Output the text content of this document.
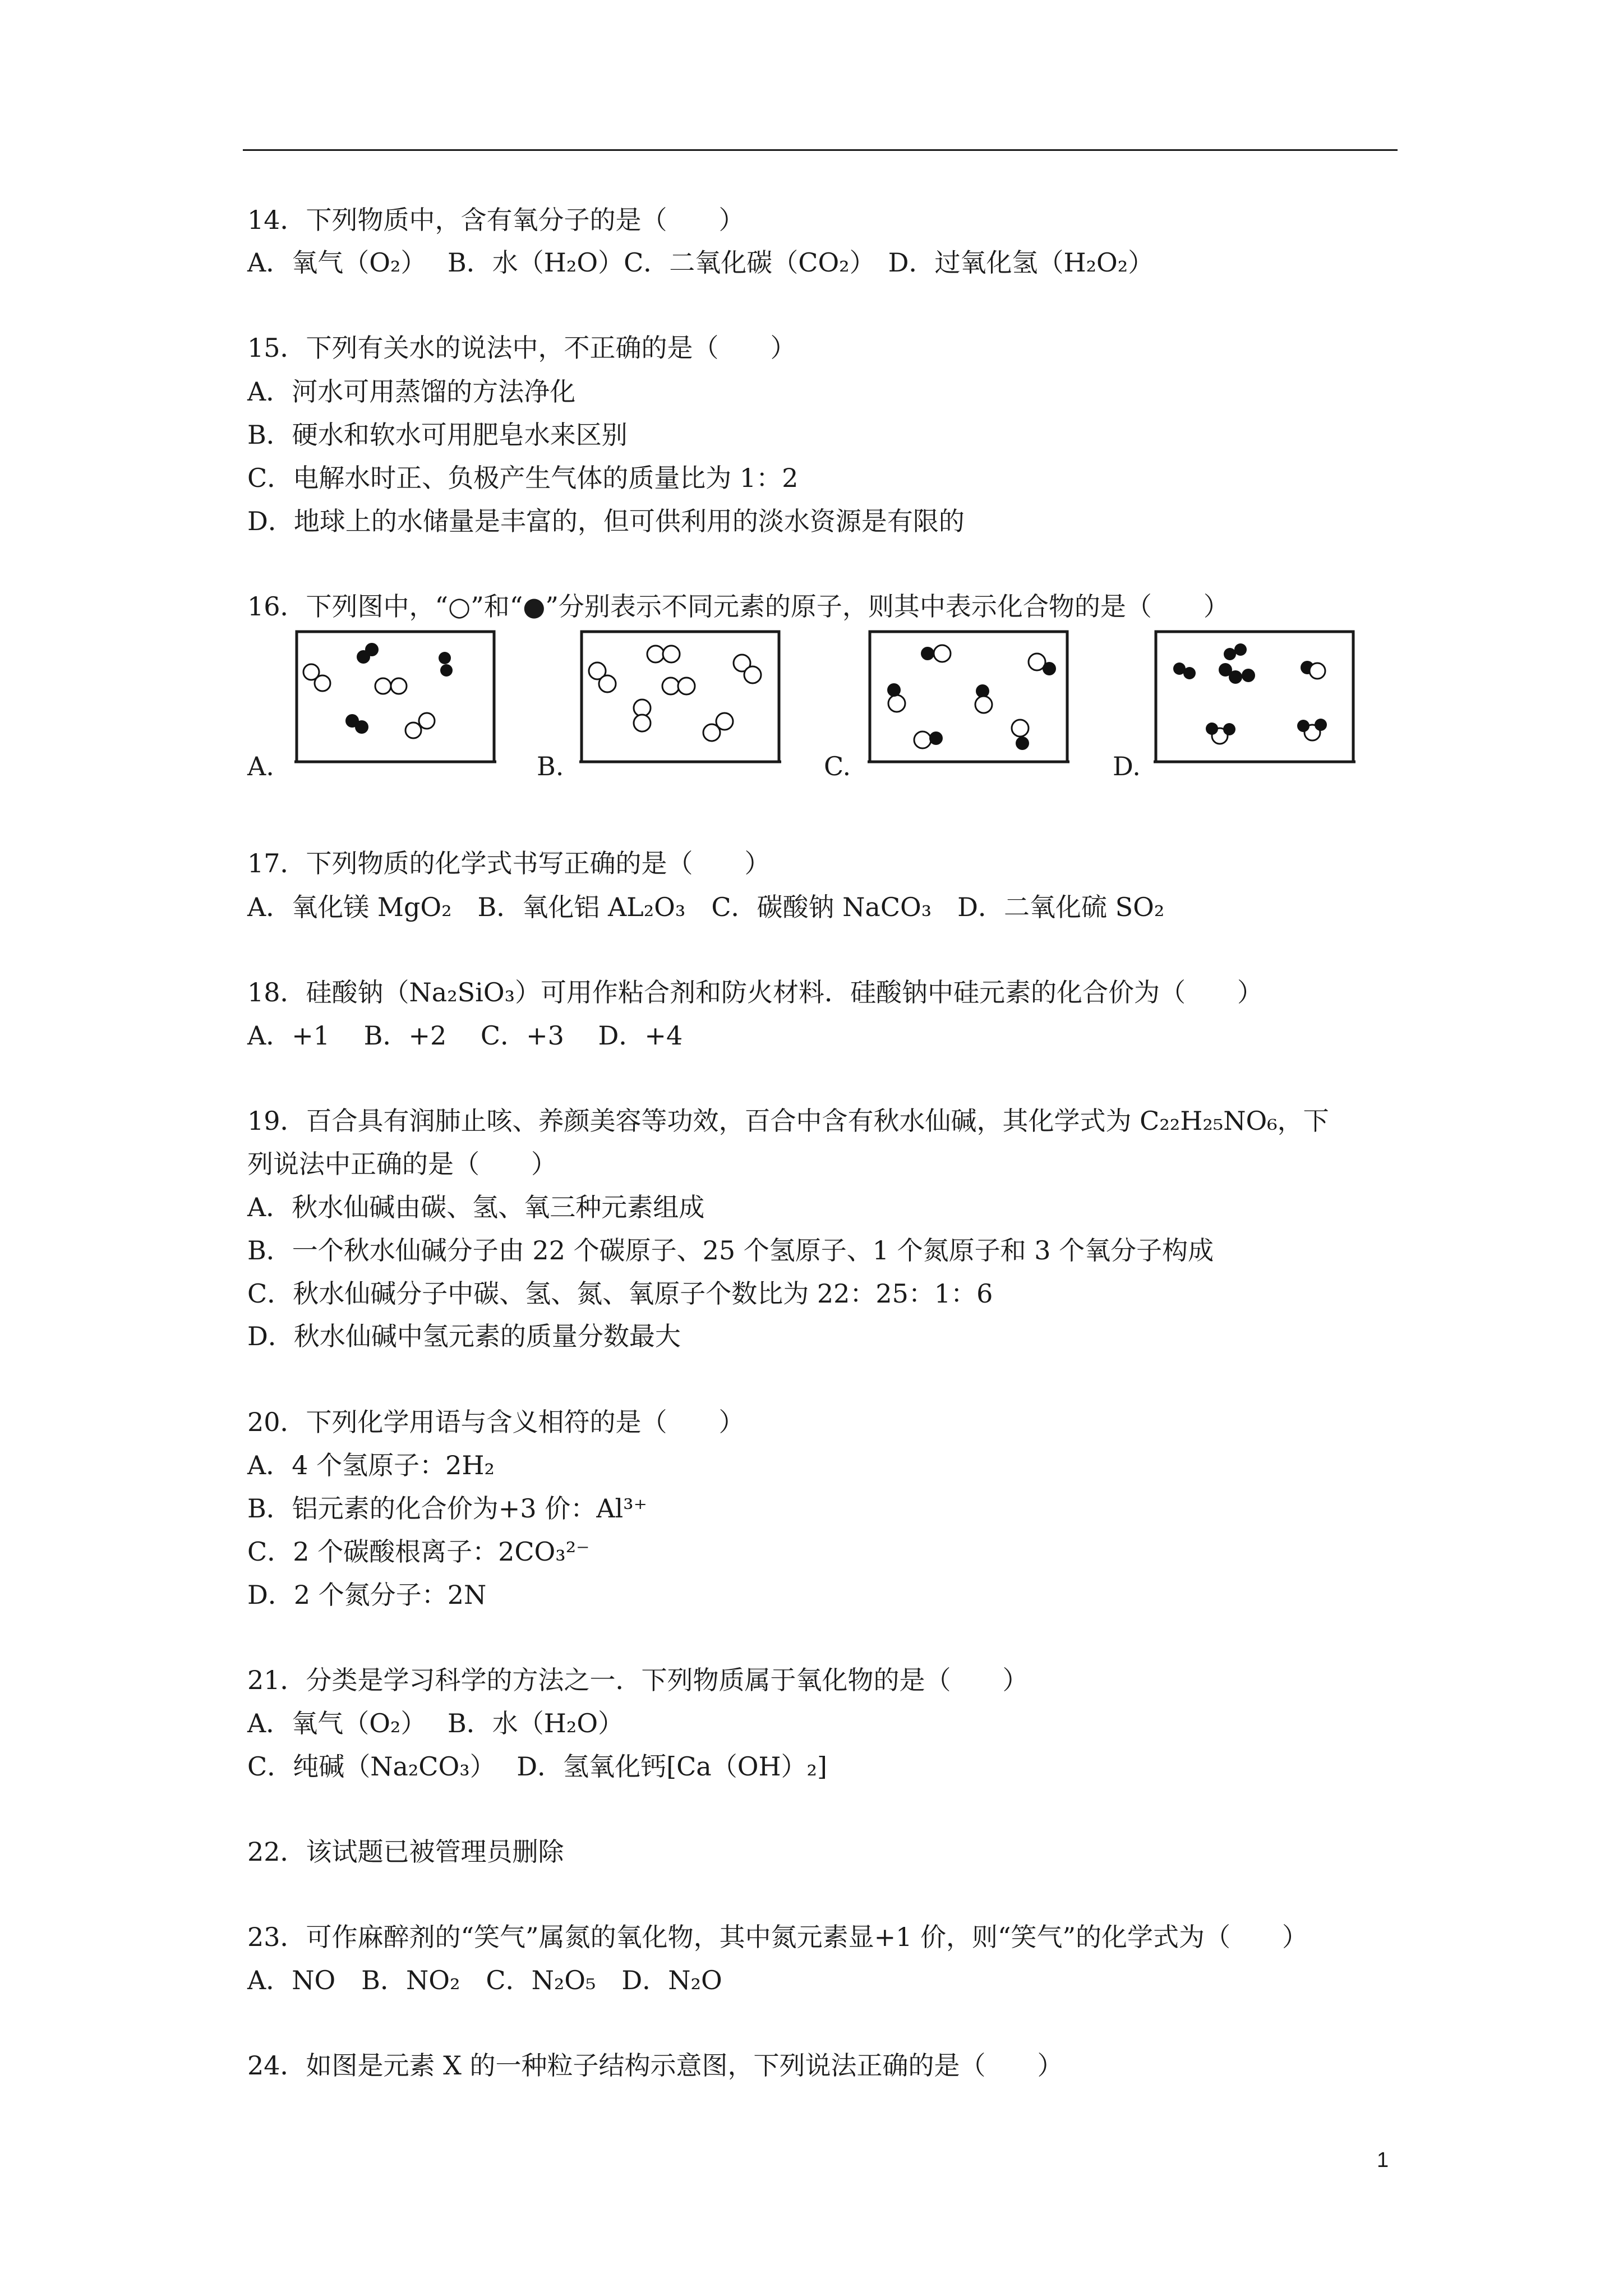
14．下列物质中，含有氧分子的是（　　）
A．氧气（O₂）　 B．水（H₂O）C．二氧化碳（CO₂）　D．过氧化氢（H₂O₂）
15．下列有关水的说法中，不正确的是（　　）
A．河水可用蒸馏的方法净化
B．硬水和软水可用肥皂水来区别
C．电解水时正、负极产生气体的质量比为 1：2
D．地球上的水储量是丰富的，但可供利用的淡水资源是有限的
16．下列图中，“○”和“●”分别表示不同元素的原子，则其中表示化合物的是（　　）
A.	B.	C.	D.
17．下列物质的化学式书写正确的是（　　）
A．氧化镁 MgO₂　B．氧化铝 AL₂O₃　C．碳酸钠 NaCO₃　D．二氧化硫 SO₂
18．硅酸钠（Na₂SiO₃）可用作粘合剂和防火材料．硅酸钠中硅元素的化合价为（　　）
A．+1　 B．+2　 C．+3　 D．+4
19．百合具有润肺止咳、养颜美容等功效，百合中含有秋水仙碱，其化学式为 C₂₂H₂₅NO₆，下
列说法中正确的是（　　）
A．秋水仙碱由碳、氢、氧三种元素组成
B．一个秋水仙碱分子由 22 个碳原子、25 个氢原子、1 个氮原子和 3 个氧分子构成
C．秋水仙碱分子中碳、氢、氮、氧原子个数比为 22：25：1：6
D．秋水仙碱中氢元素的质量分数最大
20．下列化学用语与含义相符的是（　　）
A．4 个氢原子：2H₂
B．铝元素的化合价为+3 价：Al³⁺
C．2 个碳酸根离子：2CO₃²⁻
D．2 个氮分子：2N
21．分类是学习科学的方法之一．下列物质属于氧化物的是（　　）
A．氧气（O₂）　 B．水（H₂O）
C．纯碱（Na₂CO₃）　 D．氢氧化钙[Ca（OH）₂]
22．该试题已被管理员删除
23．可作麻醉剂的“笑气”属氮的氧化物，其中氮元素显+1 价，则“笑气”的化学式为（　　）
A．NO　B．NO₂　C．N₂O₅　D．N₂O
24．如图是元素 X 的一种粒子结构示意图，下列说法正确的是（　　）
1
